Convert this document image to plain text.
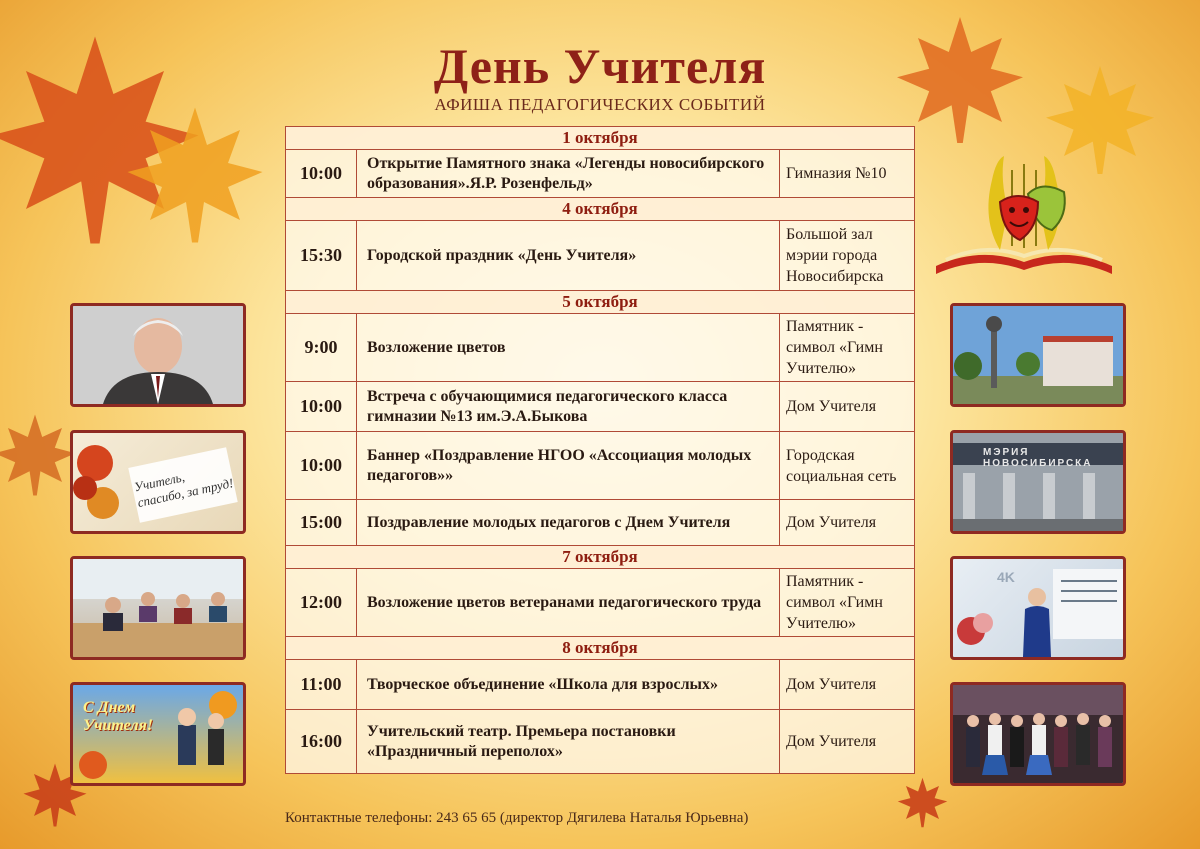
День Учителя
АФИША ПЕДАГОГИЧЕСКИХ СОБЫТИЙ
1 октября		
10:00	Открытие Памятного знака «Легенды новосибирского образования».Я.Р. Розенфельд»	Гимназия №10
4 октября		
15:30	Городской праздник «День Учителя»	Большой зал мэрии города Новосибирска
5 октября		
9:00	Возложение цветов	Памятник - символ «Гимн Учителю»
10:00	Встреча с обучающимися педагогического класса гимназии №13 им.Э.А.Быкова	Дом Учителя
10:00	Баннер «Поздравление НГОО «Ассоциация молодых педагогов»»	Городская социальная сеть
15:00	Поздравление молодых педагогов с Днем Учителя	Дом Учителя
7 октября		
12:00	Возложение цветов ветеранами педагогического труда	Памятник - символ «Гимн Учителю»
8 октября		
11:00	Творческое объединение «Школа для взрослых»	Дом Учителя
16:00	Учительский театр. Премьера постановки «Праздничный переполох»	Дом Учителя
Учитель, спасибо, за труд!
С Днем Учителя!
МЭРИЯ НОВОСИБИРСКА
4K
Контактные телефоны: 243 65 65 (директор Дягилева Наталья Юрьевна)
